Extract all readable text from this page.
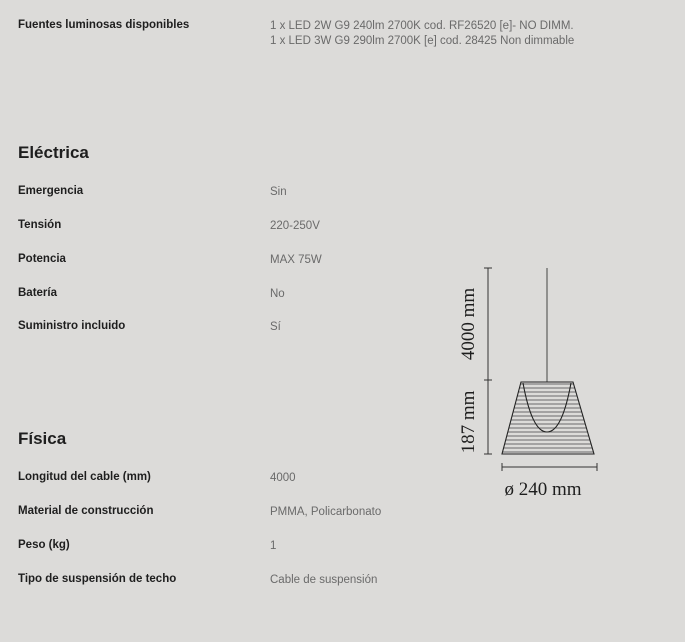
Fuentes luminosas disponibles	1 x LED 2W G9 240lm 2700K cod. RF26520 [e]- NO DIMM.
1 x LED 3W G9 290lm 2700K [e] cod. 28425 Non dimmable
Eléctrica
Emergencia	Sin
Tensión	220-250V
Potencia	MAX 75W
Batería	No
Suministro incluido	Sí
Física
Longitud del cable (mm)	4000
Material de construcción	PMMA, Policarbonato
Peso (kg)	1
Tipo de suspensión de techo	Cable de suspensión
4000 mm
187 mm
ø 240 mm
